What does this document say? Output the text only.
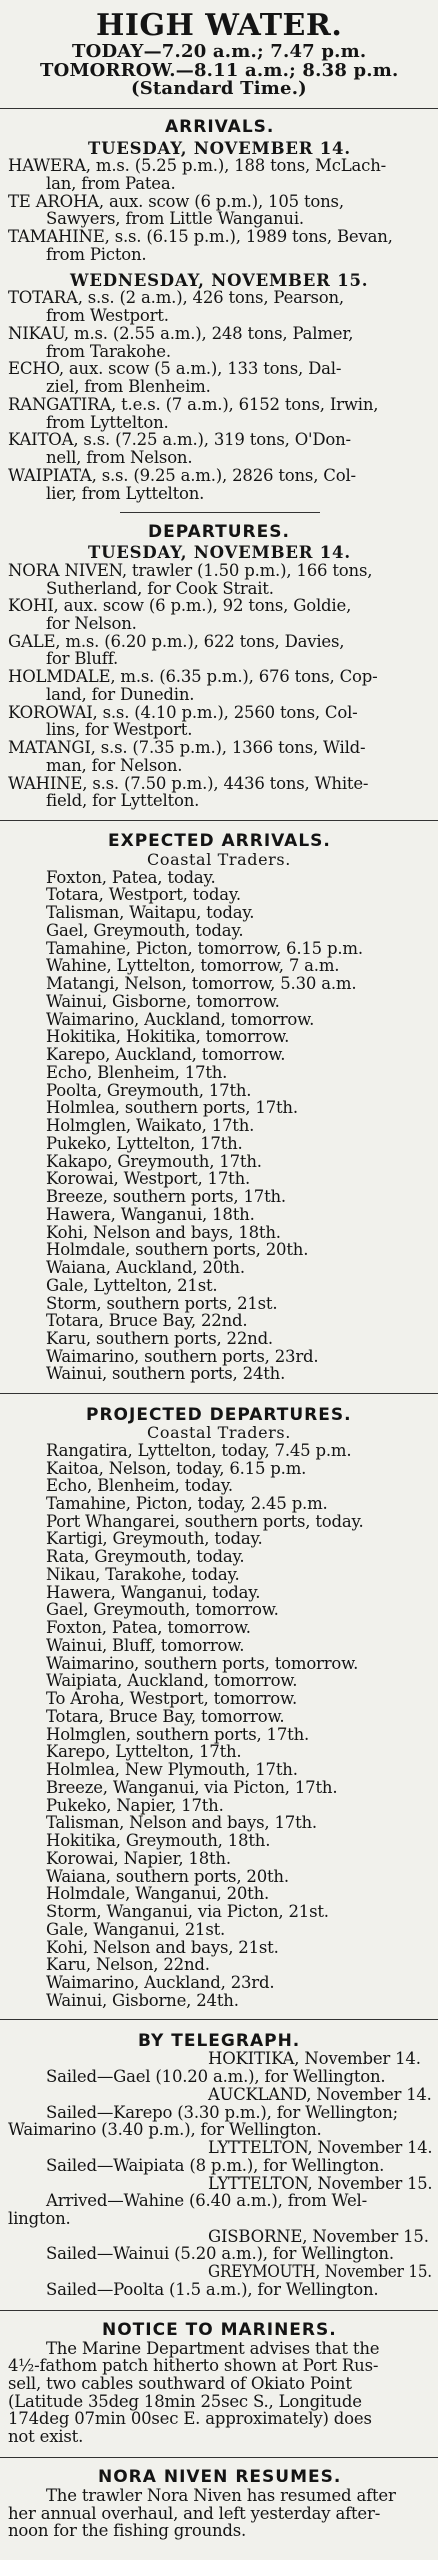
HIGH WATER.

TODAY—7.20 a.m.; 7.47 p.m.

TOMORROW.—8.11 a.m.; 8.38 p.m.

(Standard Time.)

ARRIVALS.

TUESDAY, NOVEMBER 14.

HAWERA, m.s. (5.25 p.m.), 188 tons, McLach-

lan, from Patea.

TE AROHA, aux. scow (6 p.m.), 105 tons,

Sawyers, from Little Wanganui.

TAMAHINE, s.s. (6.15 p.m.), 1989 tons, Bevan,

from Picton.

WEDNESDAY, NOVEMBER 15.

TOTARA, s.s. (2 a.m.), 426 tons, Pearson,

from Westport.

NIKAU, m.s. (2.55 a.m.), 248 tons, Palmer,

from Tarakohe.

ECHO, aux. scow (5 a.m.), 133 tons, Dal-

ziel, from Blenheim.

RANGATIRA, t.e.s. (7 a.m.), 6152 tons, Irwin,

from Lyttelton.

KAITOA, s.s. (7.25 a.m.), 319 tons, O'Don-

nell, from Nelson.

WAIPIATA, s.s. (9.25 a.m.), 2826 tons, Col-

lier, from Lyttelton.

DEPARTURES.

TUESDAY, NOVEMBER 14.

NORA NIVEN, trawler (1.50 p.m.), 166 tons,

Sutherland, for Cook Strait.

KOHI, aux. scow (6 p.m.), 92 tons, Goldie,

for Nelson.

GALE, m.s. (6.20 p.m.), 622 tons, Davies,

for Bluff.

HOLMDALE, m.s. (6.35 p.m.), 676 tons, Cop-

land, for Dunedin.

KOROWAI, s.s. (4.10 p.m.), 2560 tons, Col-

lins, for Westport.

MATANGI, s.s. (7.35 p.m.), 1366 tons, Wild-

man, for Nelson.

WAHINE, s.s. (7.50 p.m.), 4436 tons, White-

field, for Lyttelton.

EXPECTED ARRIVALS.

Coastal Traders.

Foxton, Patea, today.

Totara, Westport, today.

Talisman, Waitapu, today.

Gael, Greymouth, today.

Tamahine, Picton, tomorrow, 6.15 p.m.

Wahine, Lyttelton, tomorrow, 7 a.m.

Matangi, Nelson, tomorrow, 5.30 a.m.

Wainui, Gisborne, tomorrow.

Waimarino, Auckland, tomorrow.

Hokitika, Hokitika, tomorrow.

Karepo, Auckland, tomorrow.

Echo, Blenheim, 17th.

Poolta, Greymouth, 17th.

Holmlea, southern ports, 17th.

Holmglen, Waikato, 17th.

Pukeko, Lyttelton, 17th.

Kakapo, Greymouth, 17th.

Korowai, Westport, 17th.

Breeze, southern ports, 17th.

Hawera, Wanganui, 18th.

Kohi, Nelson and bays, 18th.

Holmdale, southern ports, 20th.

Waiana, Auckland, 20th.

Gale, Lyttelton, 21st.

Storm, southern ports, 21st.

Totara, Bruce Bay, 22nd.

Karu, southern ports, 22nd.

Waimarino, southern ports, 23rd.

Wainui, southern ports, 24th.

PROJECTED DEPARTURES.

Coastal Traders.

Rangatira, Lyttelton, today, 7.45 p.m.

Kaitoa, Nelson, today, 6.15 p.m.

Echo, Blenheim, today.

Tamahine, Picton, today, 2.45 p.m.

Port Whangarei, southern ports, today.

Kartigi, Greymouth, today.

Rata, Greymouth, today.

Nikau, Tarakohe, today.

Hawera, Wanganui, today.

Gael, Greymouth, tomorrow.

Foxton, Patea, tomorrow.

Wainui, Bluff, tomorrow.

Waimarino, southern ports, tomorrow.

Waipiata, Auckland, tomorrow.

To Aroha, Westport, tomorrow.

Totara, Bruce Bay, tomorrow.

Holmglen, southern ports, 17th.

Karepo, Lyttelton, 17th.

Holmlea, New Plymouth, 17th.

Breeze, Wanganui, via Picton, 17th.

Pukeko, Napier, 17th.

Talisman, Nelson and bays, 17th.

Hokitika, Greymouth, 18th.

Korowai, Napier, 18th.

Waiana, southern ports, 20th.

Holmdale, Wanganui, 20th.

Storm, Wanganui, via Picton, 21st.

Gale, Wanganui, 21st.

Kohi, Nelson and bays, 21st.

Karu, Nelson, 22nd.

Waimarino, Auckland, 23rd.

Wainui, Gisborne, 24th.

BY TELEGRAPH.

HOKITIKA, November 14.

Sailed—Gael (10.20 a.m.), for Wellington.

AUCKLAND, November 14.

Sailed—Karepo (3.30 p.m.), for Wellington;

Waimarino (3.40 p.m.), for Wellington.

LYTTELTON, November 14.

Sailed—Waipiata (8 p.m.), for Wellington.

LYTTELTON, November 15.

Arrived—Wahine (6.40 a.m.), from Wel-

lington.

GISBORNE, November 15.

Sailed—Wainui (5.20 a.m.), for Wellington.

GREYMOUTH, November 15.

Sailed—Poolta (1.5 a.m.), for Wellington.

NOTICE TO MARINERS.

The Marine Department advises that the

4½-fathom patch hitherto shown at Port Rus-

sell, two cables southward of Okiato Point

(Latitude 35deg 18min 25sec S., Longitude

174deg 07min 00sec E. approximately) does

not exist.

NORA NIVEN RESUMES.

The trawler Nora Niven has resumed after

her annual overhaul, and left yesterday after-

noon for the fishing grounds.
